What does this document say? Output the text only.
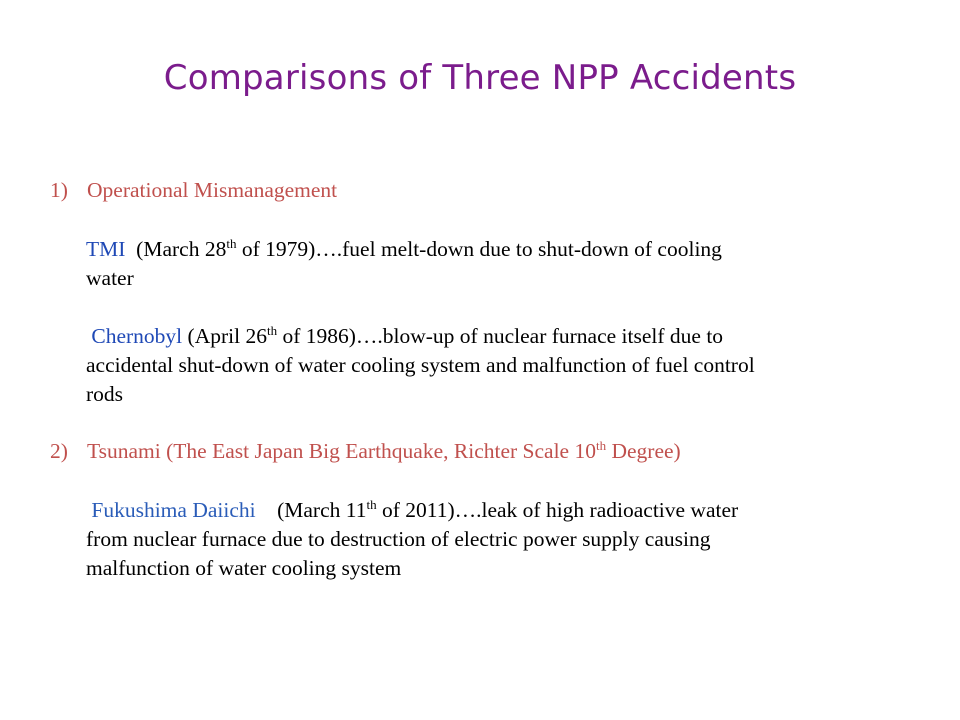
Comparisons of Three NPP Accidents
1) Operational Mismanagement
TMI (March 28th of 1979)….fuel melt-down due to shut-down of cooling
water
Chernobyl (April 26th of 1986)….blow-up of nuclear furnace itself due to
accidental shut-down of water cooling system and malfunction of fuel control
rods
2) Tsunami (The East Japan Big Earthquake, Richter Scale 10th Degree)
Fukushima Daiichi (March 11th of 2011)….leak of high radioactive water
from nuclear furnace due to destruction of electric power supply causing
malfunction of water cooling system
